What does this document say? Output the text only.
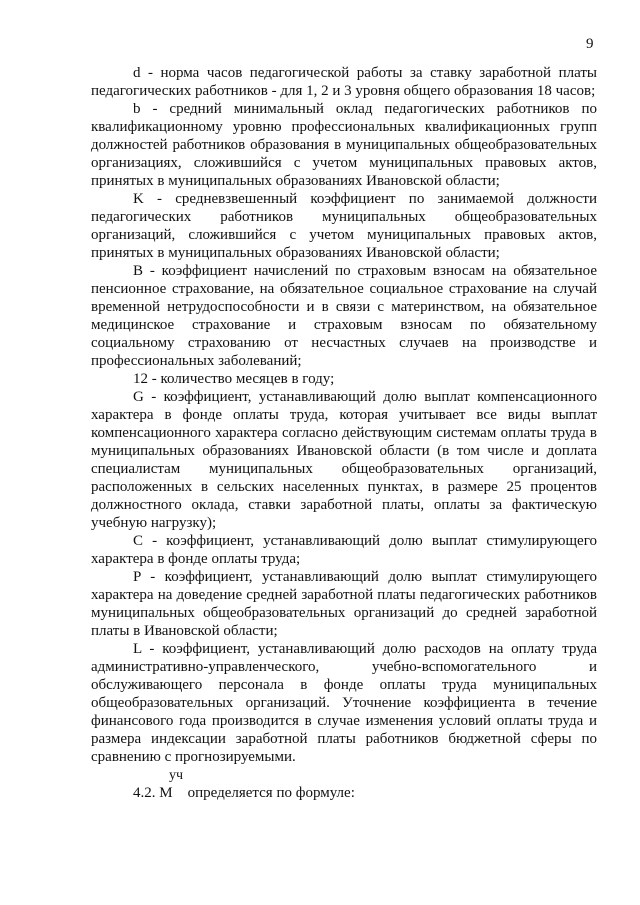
9

d - норма часов педагогической работы за ставку заработной платы педагогических работников - для 1, 2 и 3 уровня общего образования 18 часов;

b - средний минимальный оклад педагогических работников по квалификационному уровню профессиональных квалификационных групп должностей работников образования в муниципальных общеобразовательных организациях, сложившийся с учетом муниципальных правовых актов, принятых в муниципальных образованиях Ивановской области;

K - средневзвешенный коэффициент по занимаемой должности педагогических работников муниципальных общеобразовательных организаций, сложившийся с учетом муниципальных правовых актов, принятых в муниципальных образованиях Ивановской области;

B - коэффициент начислений по страховым взносам на обязательное пенсионное страхование, на обязательное социальное страхование на случай временной нетрудоспособности и в связи с материнством, на обязательное медицинское страхование и страховым взносам по обязательному социальному страхованию от несчастных случаев на производстве и профессиональных заболеваний;

12 - количество месяцев в году;

G - коэффициент, устанавливающий долю выплат компенсационного характера в фонде оплаты труда, которая учитывает все виды выплат компенсационного характера согласно действующим системам оплаты труда в муниципальных образованиях Ивановской области (в том числе и доплата специалистам муниципальных общеобразовательных организаций, расположенных в сельских населенных пунктах, в размере 25 процентов должностного оклада, ставки заработной платы, оплаты за фактическую учебную нагрузку);

C - коэффициент, устанавливающий долю выплат стимулирующего характера в фонде оплаты труда;

P - коэффициент, устанавливающий долю выплат стимулирующего характера на доведение средней заработной платы педагогических работников муниципальных общеобразовательных организаций до средней заработной платы в Ивановской области;

L - коэффициент, устанавливающий долю расходов на оплату труда административно-управленческого, учебно-вспомогательного и обслуживающего персонала в фонде оплаты труда муниципальных общеобразовательных организаций. Уточнение коэффициента в течение финансового года производится в случае изменения условий оплаты труда и размера индексации заработной платы работников бюджетной сферы по сравнению с прогнозируемыми.

уч

4.2. M    определяется по формуле:
